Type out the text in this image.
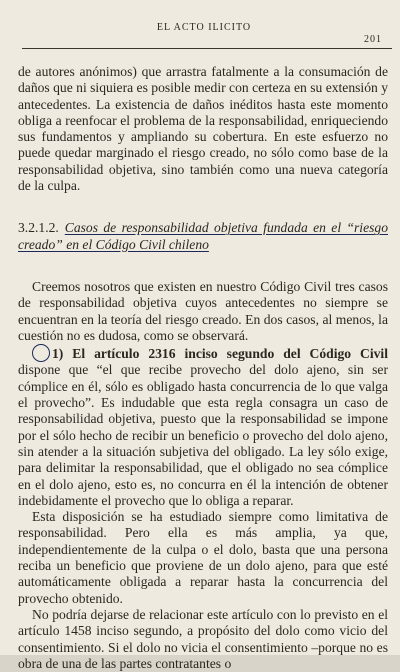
EL ACTO ILICITO
201

de autores anónimos) que arrastra fatalmente a la consumación de daños que ni siquiera es posible medir con certeza en su extensión y antecedentes. La existencia de daños inéditos hasta este momento obliga a reenfocar el problema de la responsabilidad, enriqueciendo sus fundamentos y ampliando su cobertura. En este esfuerzo no puede quedar marginado el riesgo creado, no sólo como base de la responsabilidad objetiva, sino también como una nueva categoría de la culpa.

3.2.1.2. Casos de responsabilidad objetiva fundada en el “riesgo creado” en el Código Civil chileno

Creemos nosotros que existen en nuestro Código Civil tres casos de responsabilidad objetiva cuyos antecedentes no siempre se encuentran en la teoría del riesgo creado. En dos casos, al menos, la cuestión no es dudosa, como se observará.

1) El artículo 2316 inciso segundo del Código Civil dispone que “el que recibe provecho del dolo ajeno, sin ser cómplice en él, sólo es obligado hasta concurrencia de lo que valga el provecho”. Es indudable que esta regla consagra un caso de responsabilidad objetiva, puesto que la responsabilidad se impone por el sólo hecho de recibir un beneficio o provecho del dolo ajeno, sin atender a la situación subjetiva del obligado. La ley sólo exige, para delimitar la responsabilidad, que el obligado no sea cómplice en el dolo ajeno, esto es, no concurra en él la intención de obtener indebidamente el provecho que lo obliga a reparar.

Esta disposición se ha estudiado siempre como limitativa de responsabilidad. Pero ella es más amplia, ya que, independientemente de la culpa o el dolo, basta que una persona reciba un beneficio que proviene de un dolo ajeno, para que esté automáticamente obligada a reparar hasta la concurrencia del provecho obtenido.

No podría dejarse de relacionar este artículo con lo previsto en el artículo 1458 inciso segundo, a propósito del dolo como vicio del consentimiento. Si el dolo no vicia el consentimiento –porque no es obra de una de las partes contratantes o
